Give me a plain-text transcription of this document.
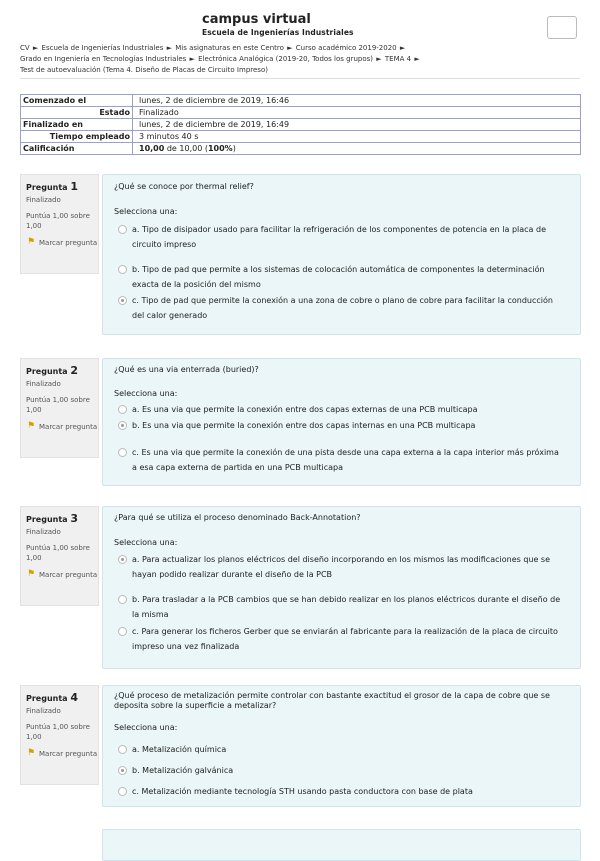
campus virtual
Escuela de Ingenierías Industriales
CV ► Escuela de Ingenierías Industriales ► Mis asignaturas en este Centro ► Curso académico 2019-2020 ►
Grado en Ingeniería en Tecnologías Industriales ► Electrónica Analógica (2019-20, Todos los grupos) ► TEMA 4 ►
Test de autoevaluación (Tema 4. Diseño de Placas de Circuito Impreso)
Comenzado el	lunes, 2 de diciembre de 2019, 16:46
Estado	Finalizado
Finalizado en	lunes, 2 de diciembre de 2019, 16:49
Tiempo empleado	3 minutos 40 s
Calificación	10,00 de 10,00 (100%)
Pregunta 1
Finalizado
Puntúa 1,00 sobre 1,00
⚑ Marcar pregunta
¿Qué se conoce por thermal relief?
Selecciona una:
a. Tipo de disipador usado para facilitar la refrigeración de los componentes de potencia en la placa de circuito impreso
b. Tipo de pad que permite a los sistemas de colocación automática de componentes la determinación exacta de la posición del mismo
c. Tipo de pad que permite la conexión a una zona de cobre o plano de cobre para facilitar la conducción del calor generado
Pregunta 2
Finalizado
Puntúa 1,00 sobre 1,00
⚑ Marcar pregunta
¿Qué es una via enterrada (buried)?
Selecciona una:
a. Es una via que permite la conexión entre dos capas externas de una PCB multicapa
b. Es una via que permite la conexión entre dos capas internas en una PCB multicapa
c. Es una via que permite la conexión de una pista desde una capa externa a la capa interior más próxima a esa capa externa de partida en una PCB multicapa
Pregunta 3
Finalizado
Puntúa 1,00 sobre 1,00
⚑ Marcar pregunta
¿Para qué se utiliza el proceso denominado Back-Annotation?
Selecciona una:
a. Para actualizar los planos eléctricos del diseño incorporando en los mismos las modificaciones que se hayan podido realizar durante el diseño de la PCB
b. Para trasladar a la PCB cambios que se han debido realizar en los planos eléctricos durante el diseño de la misma
c. Para generar los ficheros Gerber que se enviarán al fabricante para la realización de la placa de circuito impreso una vez finalizada
Pregunta 4
Finalizado
Puntúa 1,00 sobre 1,00
⚑ Marcar pregunta
¿Qué proceso de metalización permite controlar con bastante exactitud el grosor de la capa de cobre que se deposita sobre la superficie a metalizar?
Selecciona una:
a. Metalización química
b. Metalización galvánica
c. Metalización mediante tecnología STH usando pasta conductora con base de plata
